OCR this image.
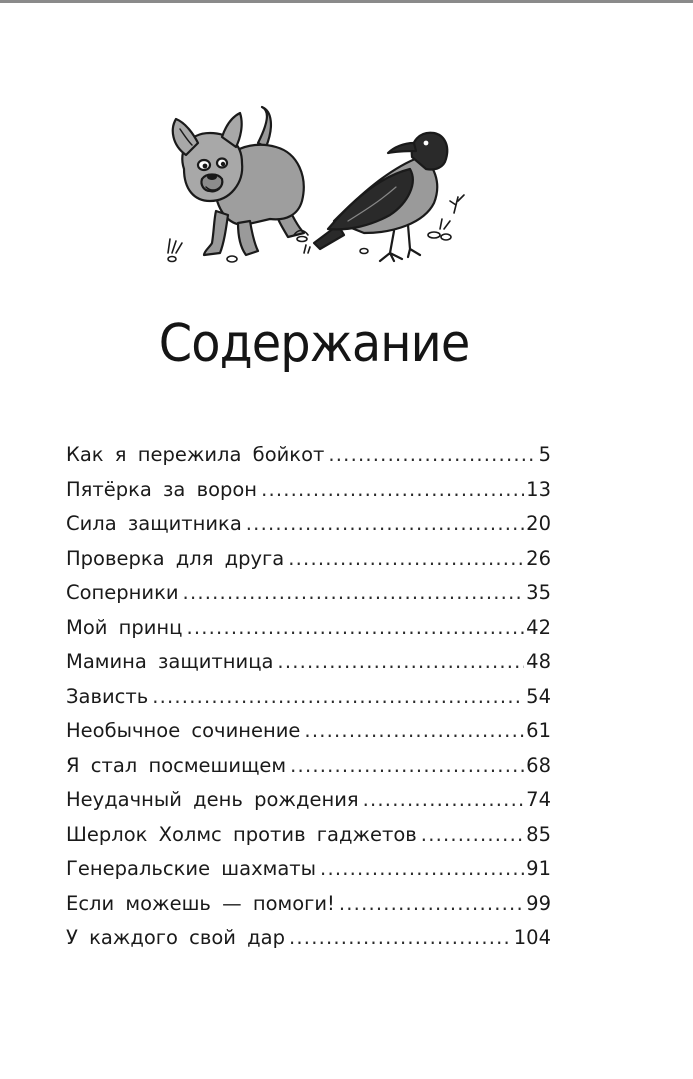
Содержание
Как я пережила бойкот .....	5
Пятёрка за ворон .....	13
Сила защитника .....	20
Проверка для друга .....	26
Соперники .....	35
Мой принц .....	42
Мамина защитница .....	48
Зависть .....	54
Необычное сочинение .....	61
Я стал посмешищем .....	68
Неудачный день рождения .....	74
Шерлок Холмс против гаджетов .....	85
Генеральские шахматы .....	91
Если можешь — помоги! .....	99
У каждого свой дар .....	104
